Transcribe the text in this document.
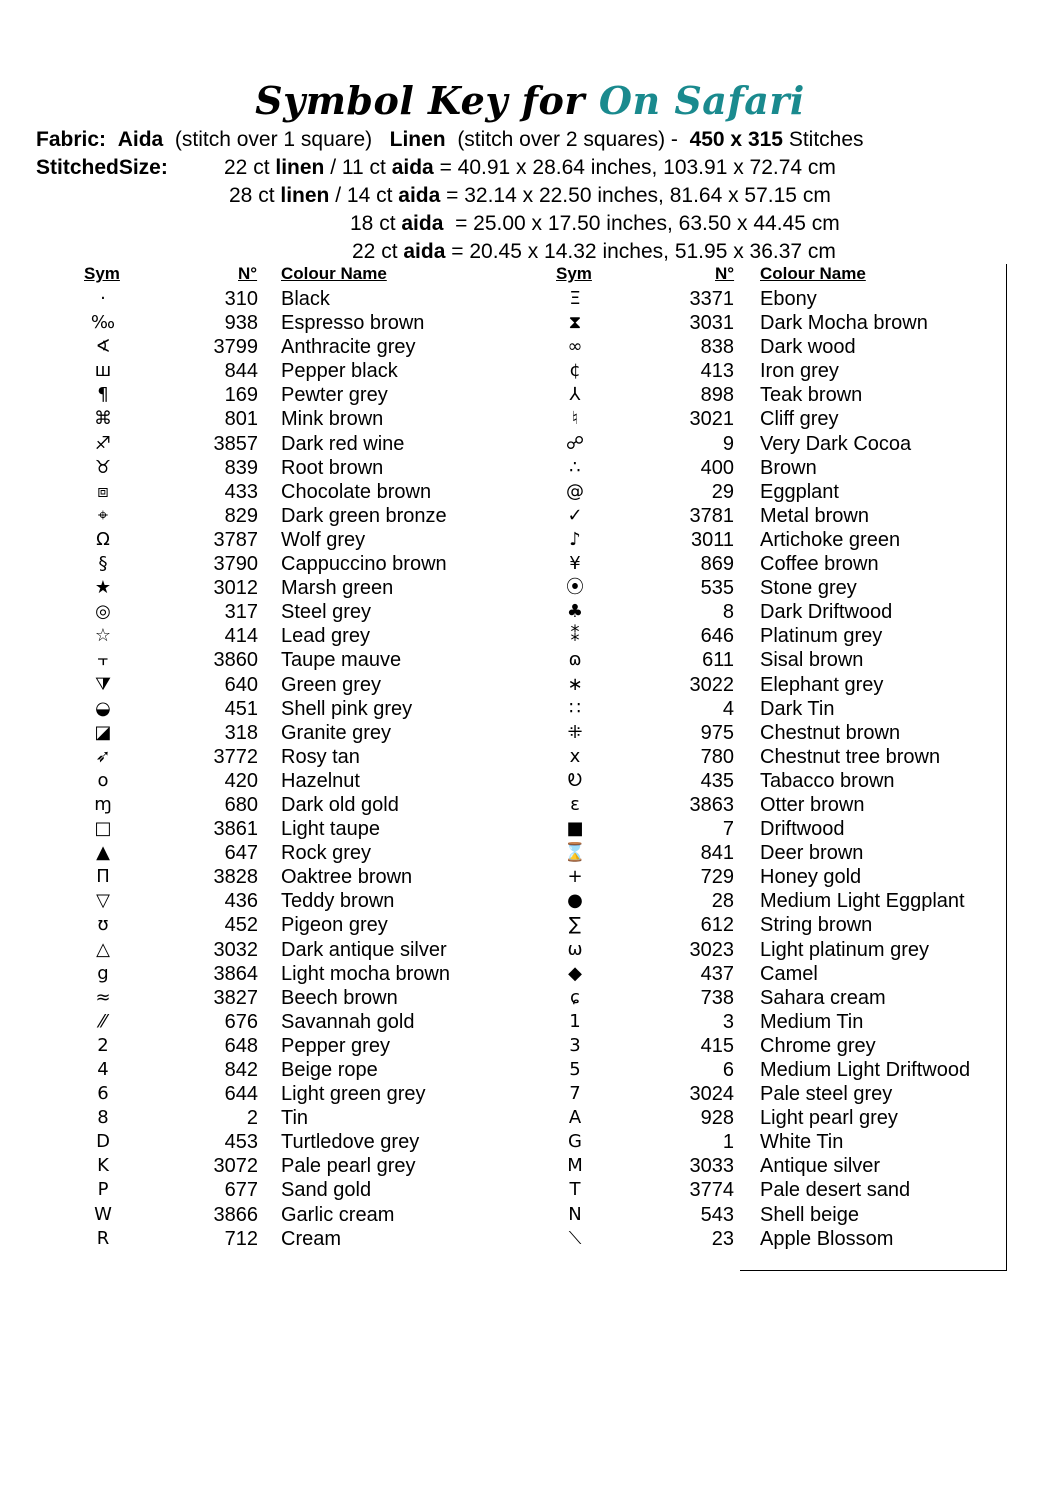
Symbol Key for On Safari
Fabric: Aida (stitch over 1 square) Linen (stitch over 2 squares) - 450 x 315 Stitches
StitchedSize:	22 ct linen / 11 ct aida = 40.91 x 28.64 inches, 103.91 x 72.74 cm
28 ct linen / 14 ct aida = 32.14 x 22.50 inches, 81.64 x 57.15 cm
18 ct aida  = 25.00 x 17.50 inches, 63.50 x 44.45 cm
22 ct aida = 20.45 x 14.32 inches, 51.95 x 36.37 cm
Sym	N° Colour Name	Sym	N° Colour Name
·	310 Black	Ξ	3371 Ebony
‰	938 Espresso brown	⧗	3031 Dark Mocha brown
∢	3799 Anthracite grey	∞	838 Dark wood
ш	844 Pepper black	¢	413 Iron grey
¶	169 Pewter grey	⅄	898 Teak brown
⌘	801 Mink brown	♮	3021 Cliff grey
♐	3857 Dark red wine	☍	9 Very Dark Cocoa
♉	839 Root brown	∴	400 Brown
⧈	433 Chocolate brown	@	29 Eggplant
⌖	829 Dark green bronze	✓	3781 Metal brown
Ω	3787 Wolf grey	♪	3011 Artichoke green
§	3790 Cappuccino brown	¥	869 Coffee brown
★	3012 Marsh green	⦿	535 Stone grey
◎	317 Steel grey	♣	8 Dark Driftwood
☆	414 Lead grey	⁑	646 Platinum grey
⫟	3860 Taupe mauve	ɷ	611 Sisal brown
⧩	640 Green grey	∗	3022 Elephant grey
◒	451 Shell pink grey	∷	4 Dark Tin
◪	318 Granite grey	⁜	975 Chestnut brown
➶	3772 Rosy tan	x	780 Chestnut tree brown
o	420 Hazelnut	Ꭷ	435 Tabacco brown
ɱ	680 Dark old gold	ε	3863 Otter brown
□	3861 Light taupe	■	7 Driftwood
▲	647 Rock grey	⌛	841 Deer brown
Π	3828 Oaktree brown	+	729 Honey gold
▽	436 Teddy brown	●	28 Medium Light Eggplant
ʊ	452 Pigeon grey	∑	612 String brown
△	3032 Dark antique silver	ω	3023 Light platinum grey
g	3864 Light mocha brown	◆	437 Camel
≈	3827 Beech brown	ɕ	738 Sahara cream
⁄⁄	676 Savannah gold	1	3 Medium Tin
2	648 Pepper grey	3	415 Chrome grey
4	842 Beige rope	5	6 Medium Light Driftwood
6	644 Light green grey	7	3024 Pale steel grey
8	2 Tin	A	928 Light pearl grey
D	453 Turtledove grey	G	1 White Tin
K	3072 Pale pearl grey	M	3033 Antique silver
P	677 Sand gold	T	3774 Pale desert sand
W	3866 Garlic cream	N	543 Shell beige
R	712 Cream	⟍	23 Apple Blossom
